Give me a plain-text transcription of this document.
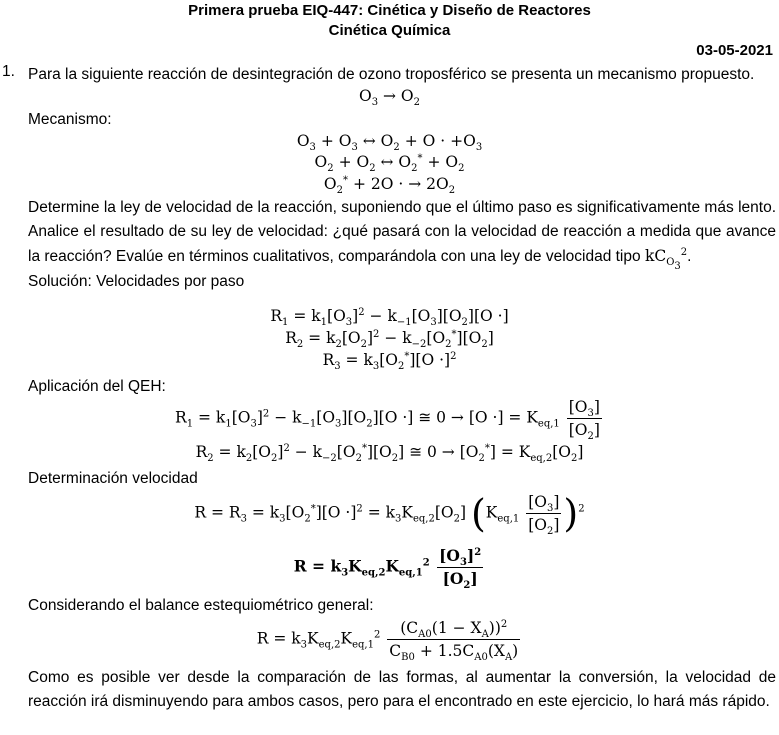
Primera prueba EIQ-447: Cinética y Diseño de Reactores
Cinética Química
03-05-2021
1. Para la siguiente reacción de desintegración de ozono troposférico se presenta un mecanismo propuesto.
$O_3 \to O_2$
Mecanismo:
$O_3 + O_3$ ↔ $O_2 + O \cdot +O_3$
$O_2 + O_2$ ↔ $O_2^* + O_2$
$O_2^* + 2O$ · → $2O_2$
Determine la ley de velocidad de la reacción, suponiendo que el último paso es significativamente más lento. Analice el resultado de su ley de velocidad: ¿qué pasará con la velocidad de reacción a medida que avance la reacción? Evalúe en términos cualitativos, comparándola con una ley de velocidad tipo $kC_{O_3}^2$.
Solución: Velocidades por paso
$R_1 = k_1[O_3]^2 - k_{-1}[O_3][O_2][O$ ·]
$R_2 = k_2[O_2]^2 - k_{-2}[O_2^*][O_2]$
$R_3 = k_3[O_2^*][O \cdot]^2$
Aplicación del QEH:
$R_1 = k_1[O_3]^2 - k_{-1}[O_3][O_2][O$ ·] ≅ 0 → [O ·] = $K_{eq,1} \frac{[O_3]}{[O_2]}$
$R_2 = k_2[O_2]^2 - k_{-2}[O_2^*][O_2]$ ≅ $0 \to [O_2^*] = K_{eq,2}[O_2]$
Determinación velocidad
$R = R_3 = k_3[O_2^*][O \cdot]^2 = k_3K_{eq,2}[O_2]$ $(K_{eq,1} \frac{[O_3]}{[O_2]} )^2$
$R = k_3K_{eq,2}K_{eq,1}^2 \frac{[O_3]^2}{[O_2]}$
Considerando el balance estequiométrico general:
$R = k_3K_{eq,2}K_{eq,1}^2 \frac{(C_{A0}(1 - X_A))^2}{C_{B0} + 1.5C_{A0}(X_A)}$
Como es posible ver desde la comparación de las formas, al aumentar la conversión, la velocidad de reacción irá disminuyendo para ambos casos, pero para el encontrado en este ejercicio, lo hará más rápido.
